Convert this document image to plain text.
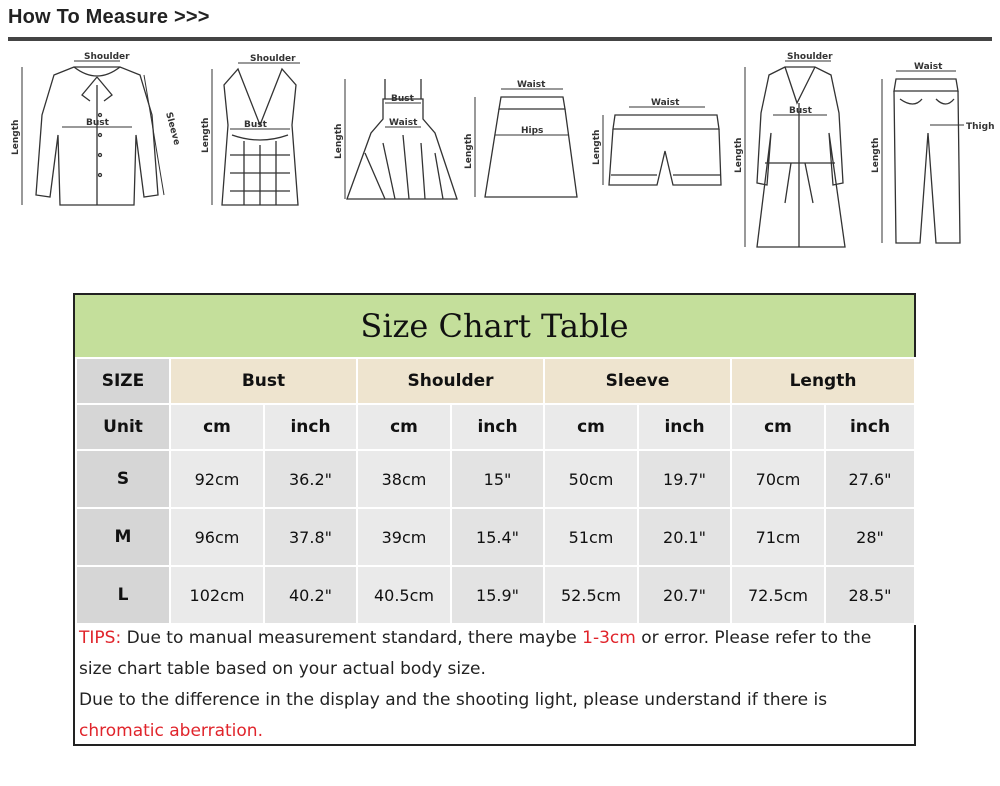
How To Measure >>>
Shoulder
Bust	Sleeve
Length
Shoulder
Bust
Length
Bust
Waist
Length
Waist
Hips
Length
Waist
Length
Shoulder
Bust
Length
Waist
Thigh
Length
Size Chart Table
SIZE	Bust		Shoulder		Sleeve		Length	
Unit	cm	inch	cm	inch	cm	inch	cm	inch
S	92cm	36.2"	38cm	15"	50cm	19.7"	70cm	27.6"
M	96cm	37.8"	39cm	15.4"	51cm	20.1"	71cm	28"
L	102cm	40.2"	40.5cm	15.9"	52.5cm	20.7"	72.5cm	28.5"
TIPS: Due to manual measurement standard, there maybe 1-3cm or error. Please refer to the size chart table based on your actual body size.
Due to the difference in the display and the shooting light, please understand if there is chromatic aberration.
